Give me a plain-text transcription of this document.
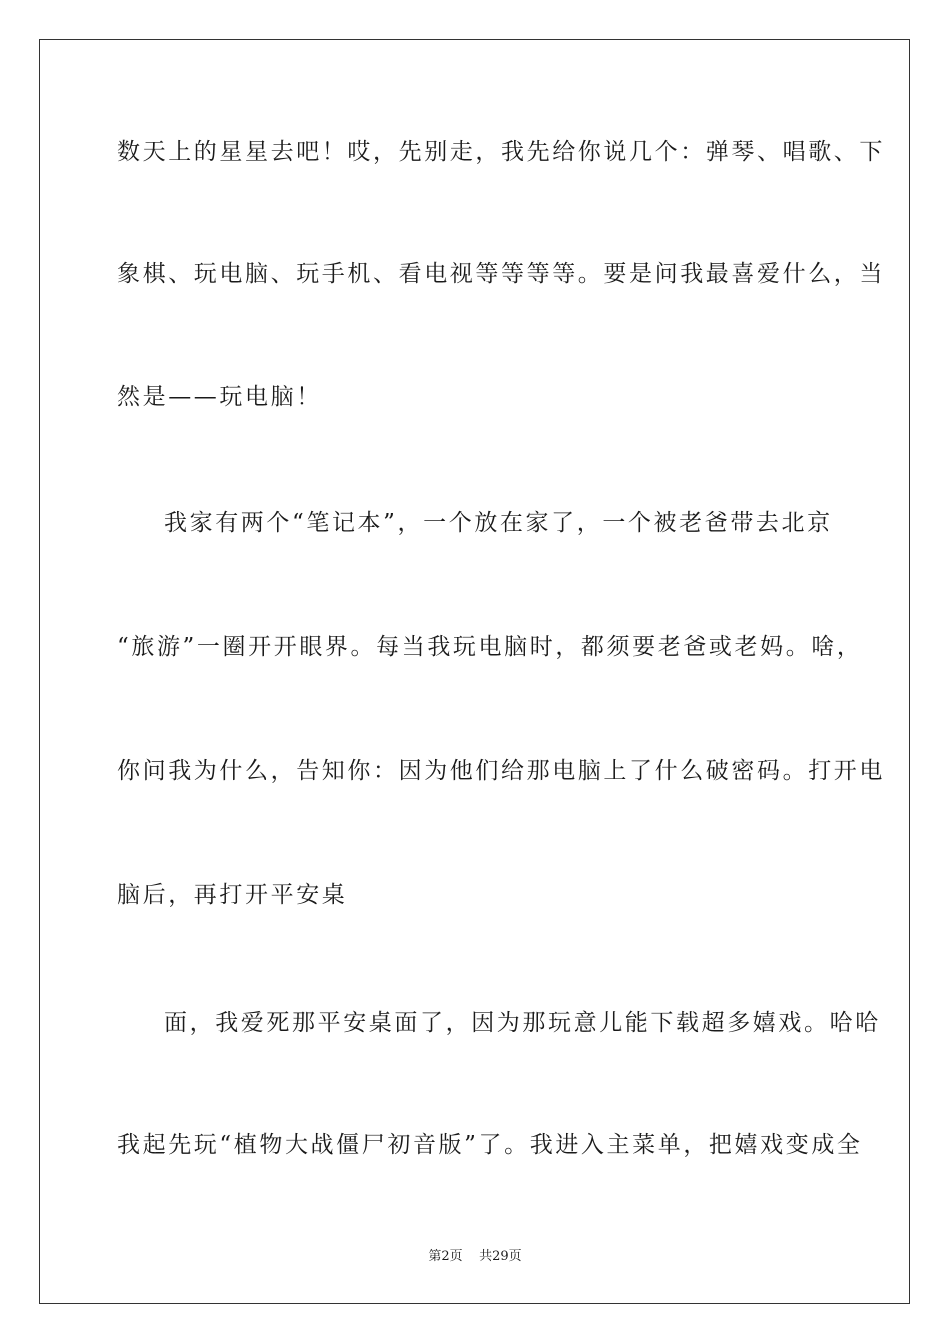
数天上的星星去吧！哎，先别走，我先给你说几个：弹琴、唱歌、下
象棋、玩电脑、玩手机、看电视等等等等。要是问我最喜爱什么，当
然是——玩电脑！
我家有两个“笔记本”，一个放在家了，一个被老爸带去北京
“旅游”一圈开开眼界。每当我玩电脑时，都须要老爸或老妈。啥，
你问我为什么，告知你：因为他们给那电脑上了什么破密码。打开电
脑后，再打开平安桌
面，我爱死那平安桌面了，因为那玩意儿能下载超多嬉戏。哈哈
我起先玩“植物大战僵尸初音版”了。我进入主菜单，把嬉戏变成全
第2页    共29页
